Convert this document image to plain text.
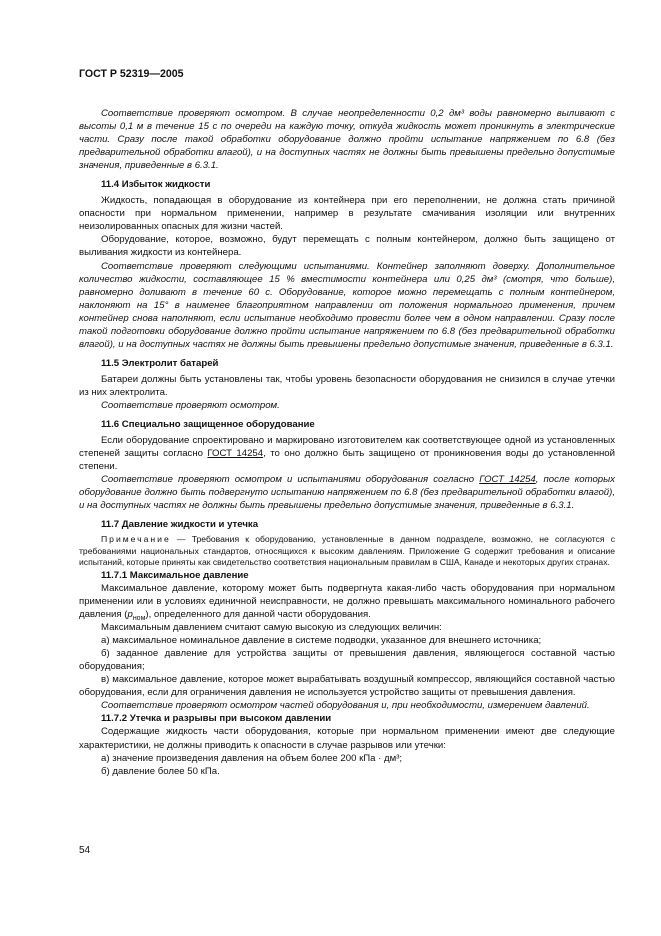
ГОСТ Р 52319—2005

Соответствие проверяют осмотром. В случае неопределенности 0,2 дм³ воды равномерно выливают с высоты 0,1 м в течение 15 с по очереди на каждую точку, откуда жидкость может проникнуть в электрические части. Сразу после такой обработки оборудование должно пройти испытание напряжением по 6.8 (без предварительной обработки влагой), и на доступных частях не должны быть превышены предельно допустимые значения, приведенные в 6.3.1.

11.4 Избыток жидкости

Жидкость, попадающая в оборудование из контейнера при его переполнении, не должна стать причиной опасности при нормальном применении, например в результате смачивания изоляции или внутренних неизолированных опасных для жизни частей.

Оборудование, которое, возможно, будут перемещать с полным контейнером, должно быть защищено от выливания жидкости из контейнера.

Соответствие проверяют следующими испытаниями. Контейнер заполняют доверху. Дополнительное количество жидкости, составляющее 15 % вместимости контейнера или 0,25 дм³ (смотря, что больше), равномерно доливают в течение 60 с. Оборудование, которое можно перемещать с полным контейнером, наклоняют на 15° в наименее благоприятном направлении от положения нормального применения, причем контейнер снова наполняют, если испытание необходимо провести более чем в одном направлении. Сразу после такой подготовки оборудование должно пройти испытание напряжением по 6.8 (без предварительной обработки влагой), и на доступных частях не должны быть превышены предельно допустимые значения, приведенные в 6.3.1.

11.5 Электролит батарей

Батареи должны быть установлены так, чтобы уровень безопасности оборудования не снизился в случае утечки из них электролита.

Соответствие проверяют осмотром.

11.6 Специально защищенное оборудование

Если оборудование спроектировано и маркировано изготовителем как соответствующее одной из установленных степеней защиты согласно ГОСТ 14254, то оно должно быть защищено от проникновения воды до установленной степени.

Соответствие проверяют осмотром и испытаниями оборудования согласно ГОСТ 14254, после которых оборудование должно быть подвергнуто испытанию напряжением по 6.8 (без предварительной обработки влагой), и на доступных частях не должны быть превышены предельно допустимые значения, приведенные в 6.3.1.

11.7 Давление жидкости и утечка

Примечание — Требования к оборудованию, установленные в данном подразделе, возможно, не согласуются с требованиями национальных стандартов, относящихся к высоким давлениям. Приложение G содержит требования и описание испытаний, которые приняты как свидетельство соответствия национальным правилам в США, Канаде и некоторых других странах.

11.7.1 Максимальное давление

Максимальное давление, которому может быть подвергнута какая-либо часть оборудования при нормальном применении или в условиях единичной неисправности, не должно превышать максимального номинального рабочего давления $(p_{ном})$, определенного для данной части оборудования.

Максимальным давлением считают самую высокую из следующих величин:

а) максимальное номинальное давление в системе подводки, указанное для внешнего источника;

б) заданное давление для устройства защиты от превышения давления, являющегося составной частью оборудования;

в) максимальное давление, которое может вырабатывать воздушный компрессор, являющийся составной частью оборудования, если для ограничения давления не используется устройство защиты от превышения давления.

Соответствие проверяют осмотром частей оборудования и, при необходимости, измерением давлений.

11.7.2 Утечка и разрывы при высоком давлении

Содержащие жидкость части оборудования, которые при нормальном применении имеют две следующие характеристики, не должны приводить к опасности в случае разрывов или утечки:

а) значение произведения давления на объем более 200 кПа · дм³;

б) давление более 50 кПа.

54
